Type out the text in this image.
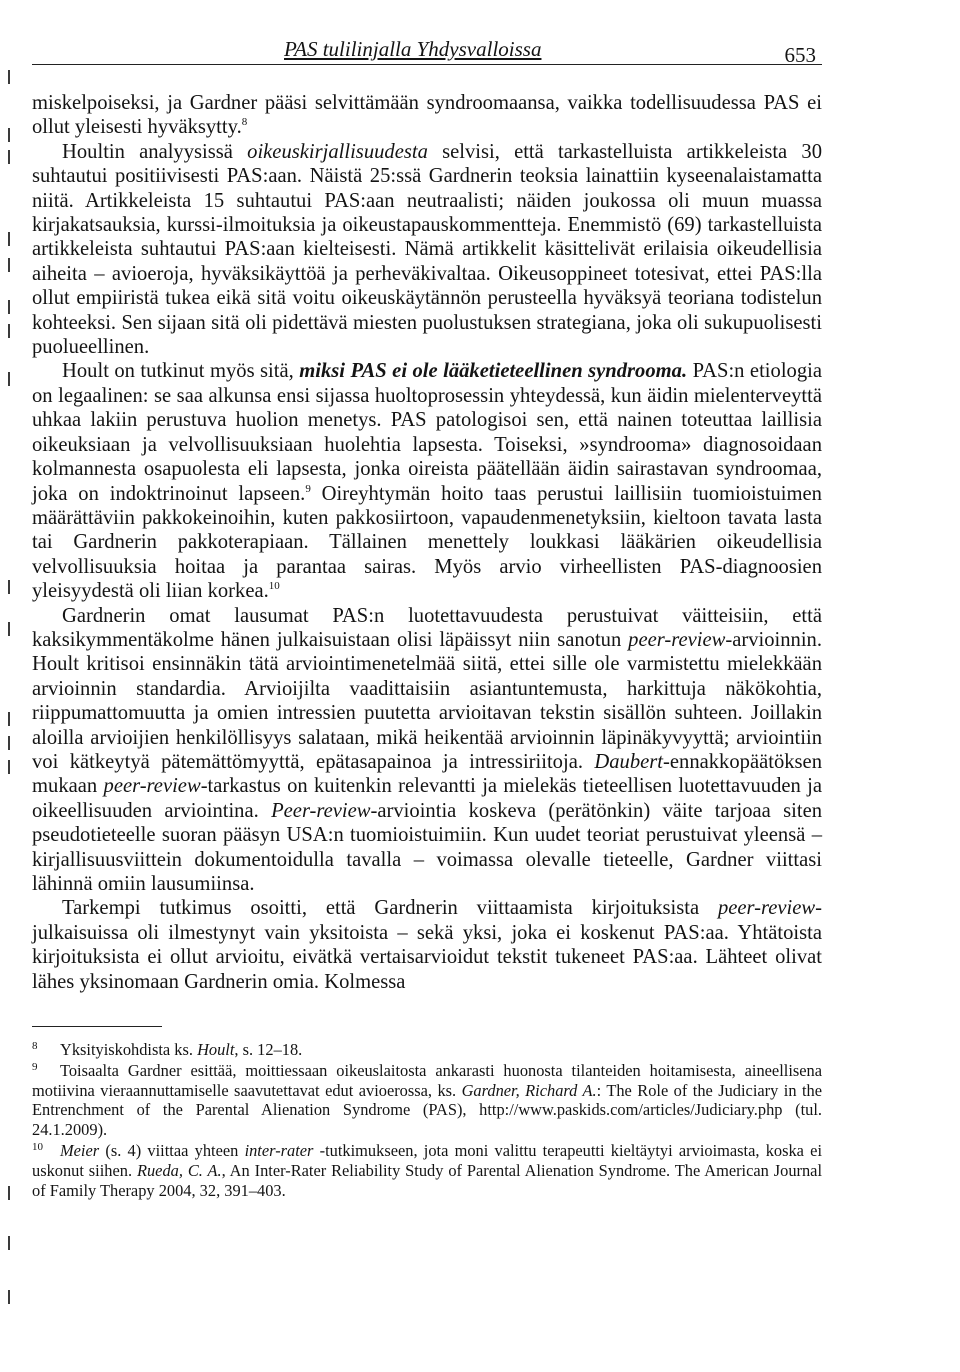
PAS tulilinjalla Yhdysvalloissa	653

miskelpoiseksi, ja Gardner pääsi selvittämään syndroomaansa, vaikka todellisuudessa PAS ei ollut yleisesti hyväksytty.$^8$

Houltin analyysissä oikeuskirjallisuudesta selvisi, että tarkastelluista artikkeleista 30 suhtautui positiivisesti PAS:aan. Näistä 25:ssä Gardnerin teoksia lainattiin kyseenalaistamatta niitä. Artikkeleista 15 suhtautui PAS:aan neutraalisti; näiden joukossa oli muun muassa kirjakatsauksia, kurssi-ilmoituksia ja oikeustapauskommentteja. Enemmistö (69) tarkastelluista artikkeleista suhtautui PAS:aan kielteisesti. Nämä artikkelit käsittelivät erilaisia oikeudellisia aiheita – avioeroja, hyväksikäyttöä ja perheväkivaltaa. Oikeusoppineet totesivat, ettei PAS:lla ollut empiiristä tukea eikä sitä voitu oikeuskäytännön perusteella hyväksyä teoriana todistelun kohteeksi. Sen sijaan sitä oli pidettävä miesten puolustuksen strategiana, joka oli sukupuolisesti puolueellinen.

Hoult on tutkinut myös sitä, miksi PAS ei ole lääketieteellinen syndrooma. PAS:n etiologia on legaalinen: se saa alkunsa ensi sijassa huoltoprosessin yhteydessä, kun äidin mielenterveyttä uhkaa lakiin perustuva huolion menetys. PAS patologisoi sen, että nainen toteuttaa laillisia oikeuksiaan ja velvollisuuksiaan huolehtia lapsesta. Toiseksi, »syndrooma» diagnosoidaan kolmannesta osapuolesta eli lapsesta, jonka oireista päätellään äidin sairastavan syndroomaa, joka on indoktrinoinut lapseen.$^9$ Oireyhtymän hoito taas perustui laillisiin tuomioistuimen määrättäviin pakkokeinoihin, kuten pakkosiirtoon, vapaudenmenetyksiin, kieltoon tavata lasta tai Gardnerin pakkoterapiaan. Tällainen menettely loukkasi lääkärien oikeudellisia velvollisuuksia hoitaa ja parantaa sairas. Myös arvio virheellisten PAS-diagnoosien yleisyydestä oli liian korkea.$^{10}$

Gardnerin omat lausumat PAS:n luotettavuudesta perustuivat väitteisiin, että kaksikymmentäkolme hänen julkaisuistaan olisi läpäissyt niin sanotun peer-review-arvioinnin. Hoult kritisoi ensinnäkin tätä arviointimenetelmää siitä, ettei sille ole varmistettu mielekkään arvioinnin standardia. Arvioijilta vaadittaisiin asiantuntemusta, harkittuja näkökohtia, riippumattomuutta ja omien intressien puutetta arvioitavan tekstin sisällön suhteen. Joillakin aloilla arvioijien henkilöllisyys salataan, mikä heikentää arvioinnin läpinäkyvyyttä; arviointiin voi kätkeytyä pätemättömyyttä, epätasapainoa ja intressiriitoja. Daubert-ennakkopäätöksen mukaan peer-review-tarkastus on kuitenkin relevantti ja mielekäs tieteellisen luotettavuuden ja oikeellisuuden arviointina. Peer-review-arviointia koskeva (perätönkin) väite tarjoaa siten pseudotieteelle suoran pääsyn USA:n tuomioistuimiin. Kun uudet teoriat perustuivat yleensä – kirjallisuusviittein dokumentoidulla tavalla – voimassa olevalle tieteelle, Gardner viittasi lähinnä omiin lausumiinsa.

Tarkempi tutkimus osoitti, että Gardnerin viittaamista kirjoituksista peer-review-julkaisuissa oli ilmestynyt vain yksitoista – sekä yksi, joka ei koskenut PAS:aa. Yhtätoista kirjoituksista ei ollut arvioitu, eivätkä vertaisarvioidut tekstit tukeneet PAS:aa. Lähteet olivat lähes yksinomaan Gardnerin omia. Kolmessa

8 Yksityiskohdista ks. Hoult, s. 12–18.

9 Toisaalta Gardner esittää, moittiessaan oikeuslaitosta ankarasti huonosta tilanteiden hoitamisesta, aineellisena motiivina vieraannuttamiselle saavutettavat edut avioerossa, ks. Gardner, Richard A.: The Role of the Judiciary in the Entrenchment of the Parental Alienation Syndrome (PAS), http://www.paskids.com/articles/Judiciary.php (tul. 24.1.2009).

10 Meier (s. 4) viittaa yhteen inter-rater -tutkimukseen, jota moni valittu terapeutti kieltäytyi arvioimasta, koska ei uskonut siihen. Rueda, C. A., An Inter-Rater Reliability Study of Parental Alienation Syndrome. The American Journal of Family Therapy 2004, 32, 391–403.
